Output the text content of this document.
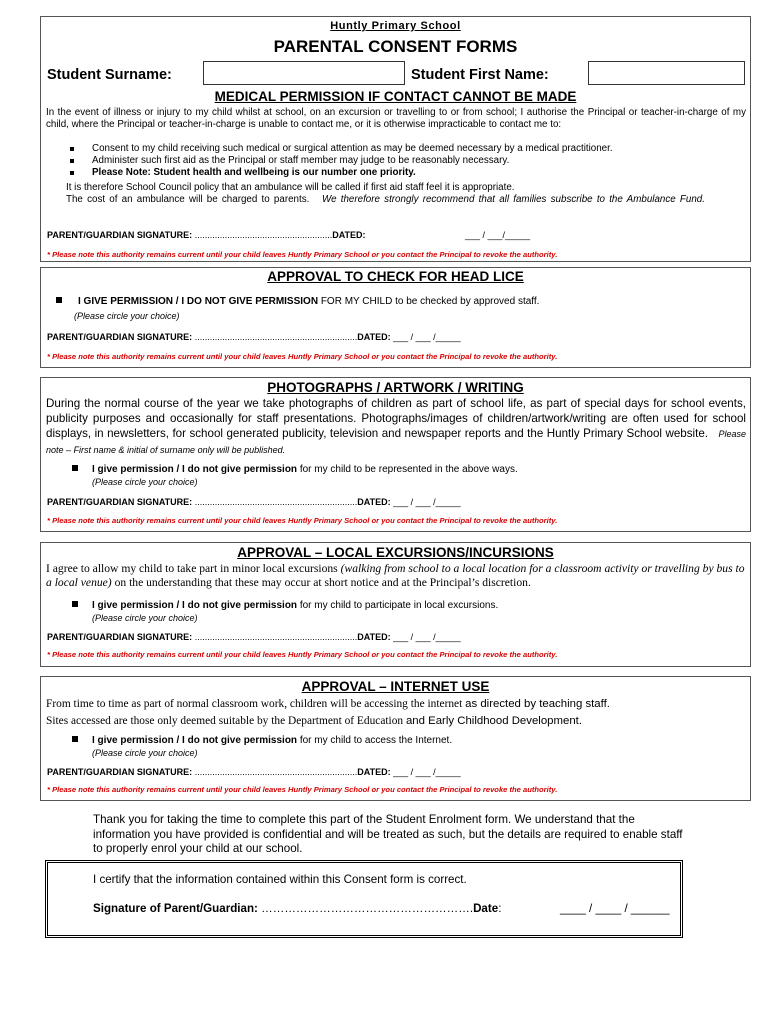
Huntly Primary School
PARENTAL CONSENT FORMS
Student Surname:	Student First Name:
MEDICAL PERMISSION IF CONTACT CANNOT BE MADE
In the event of illness or injury to my child whilst at school, on an excursion or travelling to or from school; I authorise the Principal or teacher-in-charge of my child, where the Principal or teacher-in-charge is unable to contact me, or it is otherwise impracticable to contact me to:
Consent to my child receiving such medical or surgical attention as may be deemed necessary by a medical practitioner.
Administer such first aid as the Principal or staff member may judge to be reasonably necessary.
Please Note: Student health and wellbeing is our number one priority.
It is therefore School Council policy that an ambulance will be called if first aid staff feel it is appropriate.
The cost of an ambulance will be charged to parents. We therefore strongly recommend that all families subscribe to the Ambulance Fund.
PARENT/GUARDIAN SIGNATURE: .......................................................DATED:	___ / ___/_____
* Please note this authority remains current until your child leaves Huntly Primary School or you contact the Principal to revoke the authority.
APPROVAL TO CHECK FOR HEAD LICE
I GIVE PERMISSION / I DO NOT GIVE PERMISSION FOR MY CHILD to be checked by approved staff.
(Please circle your choice)
PARENT/GUARDIAN SIGNATURE: .................................................................DATED: ___ / ___ /_____
* Please note this authority remains current until your child leaves Huntly Primary School or you contact the Principal to revoke the authority.
PHOTOGRAPHS / ARTWORK / WRITING
During the normal course of the year we take photographs of children as part of school life, as part of special days for school events, publicity purposes and occasionally for staff presentations. Photographs/images of children/artwork/writing are often used for school displays, in newsletters, for school generated publicity, television and newspaper reports and the Huntly Primary School website. Please note – First name & initial of surname only will be published.
I give permission / I do not give permission for my child to be represented in the above ways.
(Please circle your choice)
PARENT/GUARDIAN SIGNATURE: .................................................................DATED: ___ / ___ /_____
* Please note this authority remains current until your child leaves Huntly Primary School or you contact the Principal to revoke the authority.
APPROVAL – LOCAL EXCURSIONS/INCURSIONS
I agree to allow my child to take part in minor local excursions (walking from school to a local location for a classroom activity or travelling by bus to a local venue) on the understanding that these may occur at short notice and at the Principal’s discretion.
I give permission / I do not give permission for my child to participate in local excursions.
(Please circle your choice)
PARENT/GUARDIAN SIGNATURE: .................................................................DATED: ___ / ___ /_____
* Please note this authority remains current until your child leaves Huntly Primary School or you contact the Principal to revoke the authority.
APPROVAL – INTERNET USE
From time to time as part of normal classroom work, children will be accessing the internet as directed by teaching staff.
Sites accessed are those only deemed suitable by the Department of Education and Early Childhood Development.
I give permission / I do not give permission for my child to access the Internet.
(Please circle your choice)
PARENT/GUARDIAN SIGNATURE: .................................................................DATED: ___ / ___ /_____
* Please note this authority remains current until your child leaves Huntly Primary School or you contact the Principal to revoke the authority.
Thank you for taking the time to complete this part of the Student Enrolment form. We understand that the information you have provided is confidential and will be treated as such, but the details are required to enable staff to properly enrol your child at our school.
I certify that the information contained within this Consent form is correct.
Signature of Parent/Guardian: ……………………………………………….Date:	____ / ____ / ______
